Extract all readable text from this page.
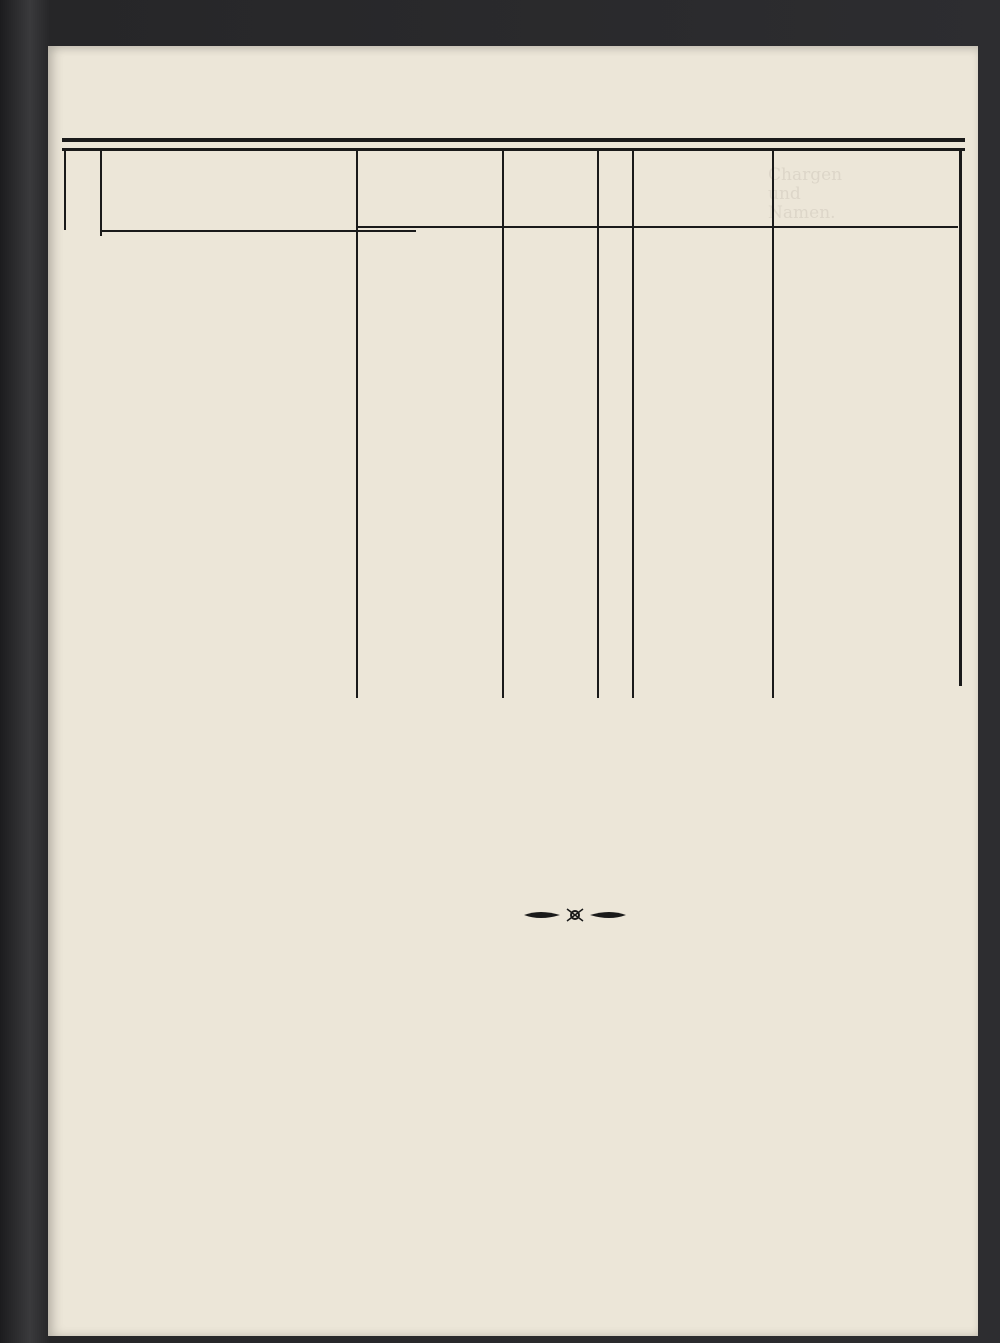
Chargen
und
Namen.
